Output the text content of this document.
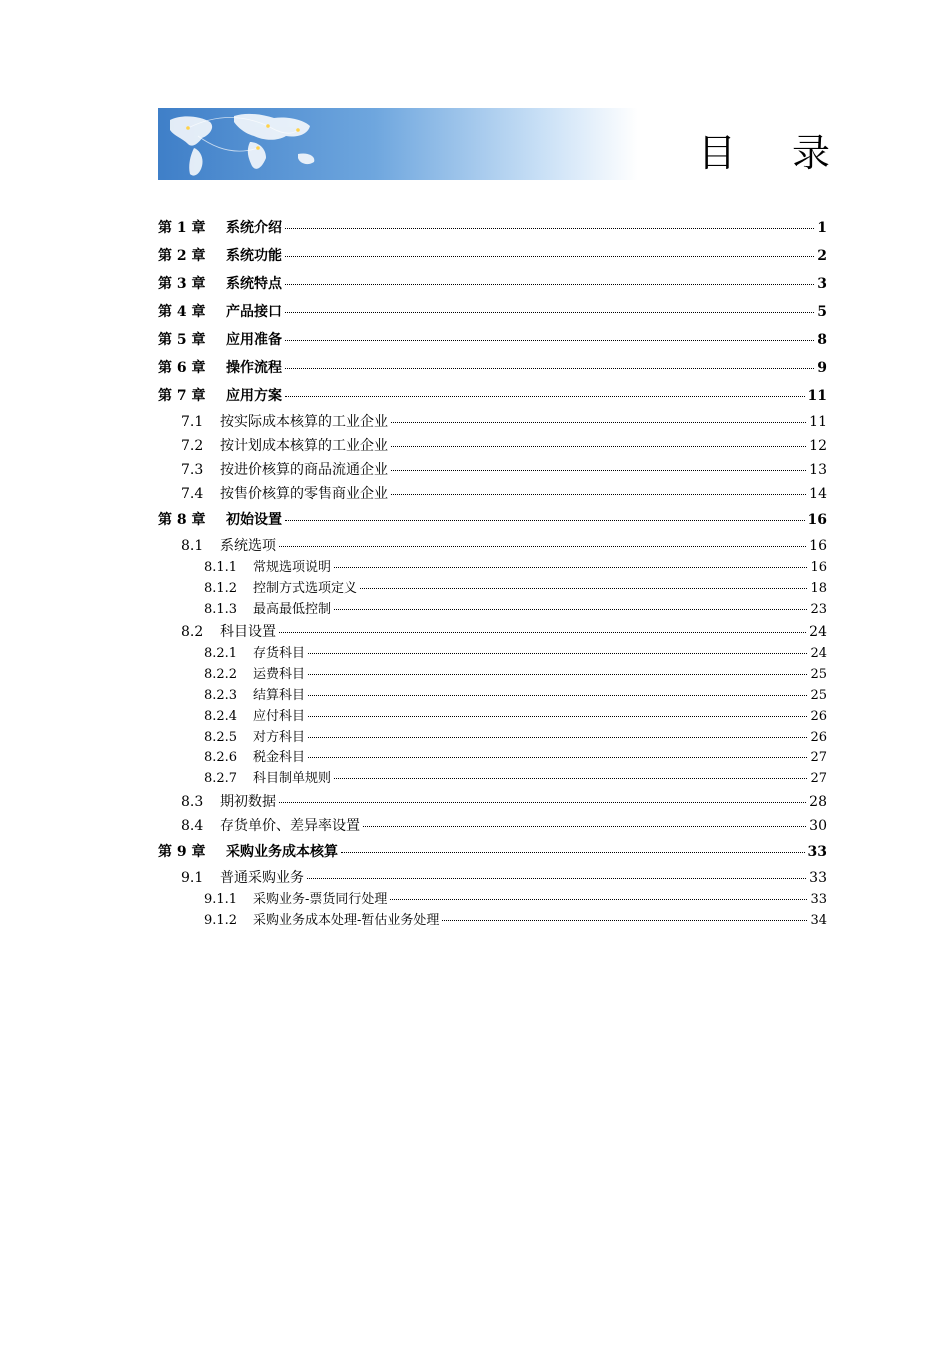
目 录
第 1 章	系统介绍	1
第 2 章	系统功能	2
第 3 章	系统特点	3
第 4 章	产品接口	5
第 5 章	应用准备	8
第 6 章	操作流程	9
第 7 章	应用方案	11
7.1	按实际成本核算的工业企业	11
7.2	按计划成本核算的工业企业	12
7.3	按进价核算的商品流通企业	13
7.4	按售价核算的零售商业企业	14
第 8 章	初始设置	16
8.1	系统选项	16
8.1.1	常规选项说明	16
8.1.2	控制方式选项定义	18
8.1.3	最高最低控制	23
8.2	科目设置	24
8.2.1	存货科目	24
8.2.2	运费科目	25
8.2.3	结算科目	25
8.2.4	应付科目	26
8.2.5	对方科目	26
8.2.6	税金科目	27
8.2.7	科目制单规则	27
8.3	期初数据	28
8.4	存货单价、差异率设置	30
第 9 章	采购业务成本核算	33
9.1	普通采购业务	33
9.1.1	采购业务-票货同行处理	33
9.1.2	采购业务成本处理-暂估业务处理	34
